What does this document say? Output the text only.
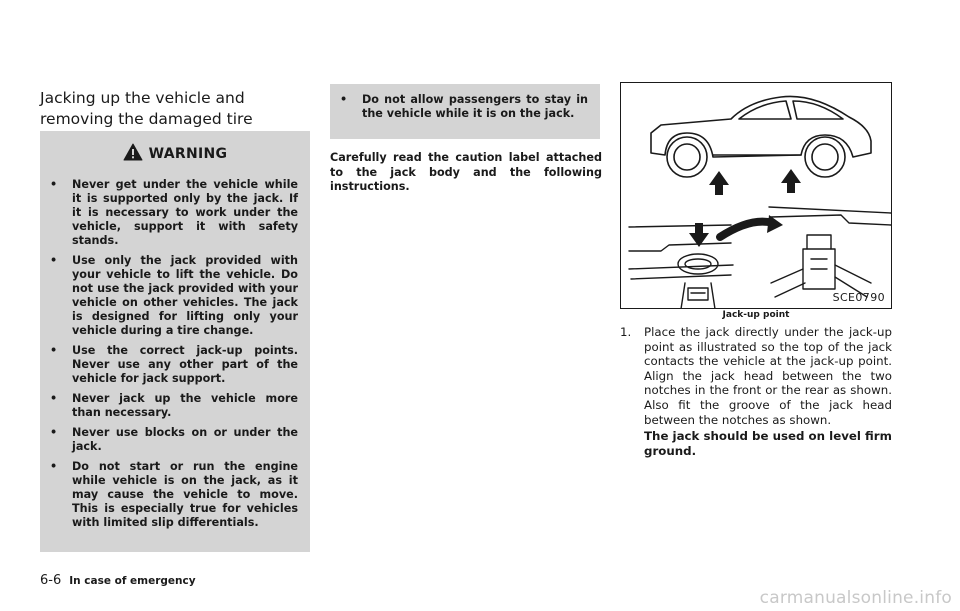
Jacking up the vehicle and removing the damaged tire
WARNING
• Never get under the vehicle while it is supported only by the jack. If it is necessary to work under the vehicle, support it with safety stands.
• Use only the jack provided with your vehicle to lift the vehicle. Do not use the jack provided with your vehicle on other vehicles. The jack is designed for lifting only your vehicle during a tire change.
• Use the correct jack-up points. Never use any other part of the vehicle for jack support.
• Never jack up the vehicle more than necessary.
• Never use blocks on or under the jack.
• Do not start or run the engine while vehicle is on the jack, as it may cause the vehicle to move. This is especially true for vehicles with limited slip differentials.
• Do not allow passengers to stay in the vehicle while it is on the jack.

Carefully read the caution label attached to the jack body and the following instructions.

SCE0790
Jack-up point
1. Place the jack directly under the jack-up point as illustrated so the top of the jack contacts the vehicle at the jack-up point. Align the jack head between the two notches in the front or the rear as shown. Also fit the groove of the jack head between the notches as shown.

The jack should be used on level firm ground.

6-6 In case of emergency
carmanualsonline.info
